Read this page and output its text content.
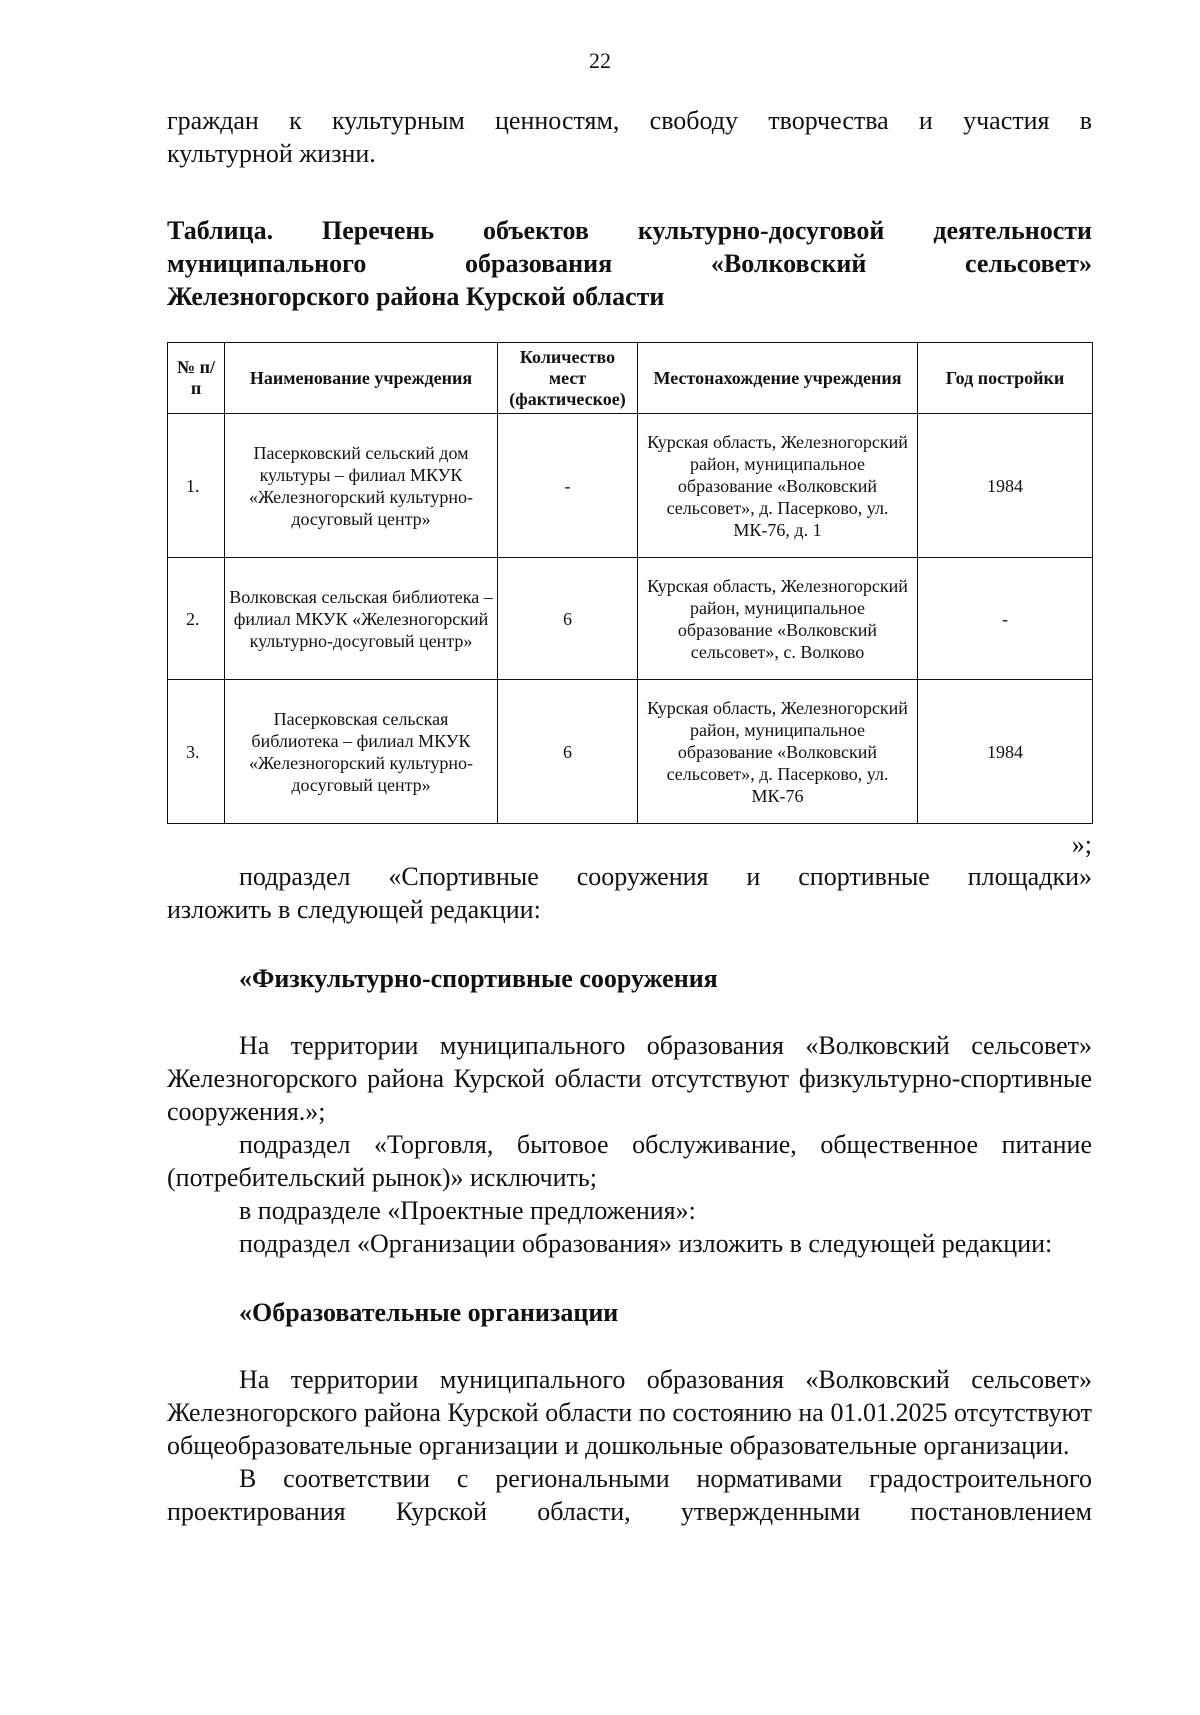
22

граждан к культурным ценностям, свободу творчества и участия в

культурной жизни.

Таблица. Перечень объектов культурно-досуговой деятельности
муниципального образования «Волковский сельсовет»
Железногорского района Курской области
№ п/п	Наименование учреждения	Количество мест (фактическое)	Местонахождение учреждения	Год постройки
1.	Пасерковский сельский дом культуры – филиал МКУК «Железногорский культурно-досуговый центр»	-	Курская область, Железногорский район, муниципальное образование «Волковский сельсовет», д. Пасерково, ул. МК-76, д. 1	1984
2.	Волковская сельская библиотека – филиал МКУК «Железногорский культурно-досуговый центр»	6	Курская область, Железногорский район, муниципальное образование «Волковский сельсовет», с. Волково	-
3.	Пасерковская сельская библиотека – филиал МКУК «Железногорский культурно-досуговый центр»	6	Курская область, Железногорский район, муниципальное образование «Волковский сельсовет», д. Пасерково, ул. МК-76	1984
»;

подраздел «Спортивные сооружения и спортивные площадки»

изложить в следующей редакции:

«Физкультурно-спортивные сооружения

На территории муниципального образования «Волковский сельсовет» Железногорского района Курской области отсутствуют физкультурно-спортивные сооружения.»;

подраздел «Торговля, бытовое обслуживание, общественное питание (потребительский рынок)» исключить;

в подразделе «Проектные предложения»:

подраздел «Организации образования» изложить в следующей редакции:

«Образовательные организации

На территории муниципального образования «Волковский сельсовет» Железногорского района Курской области по состоянию на 01.01.2025 отсутствуют общеобразовательные организации и дошкольные образовательные организации.

В соответствии с региональными нормативами градостроительного проектирования Курской области, утвержденными постановлением
